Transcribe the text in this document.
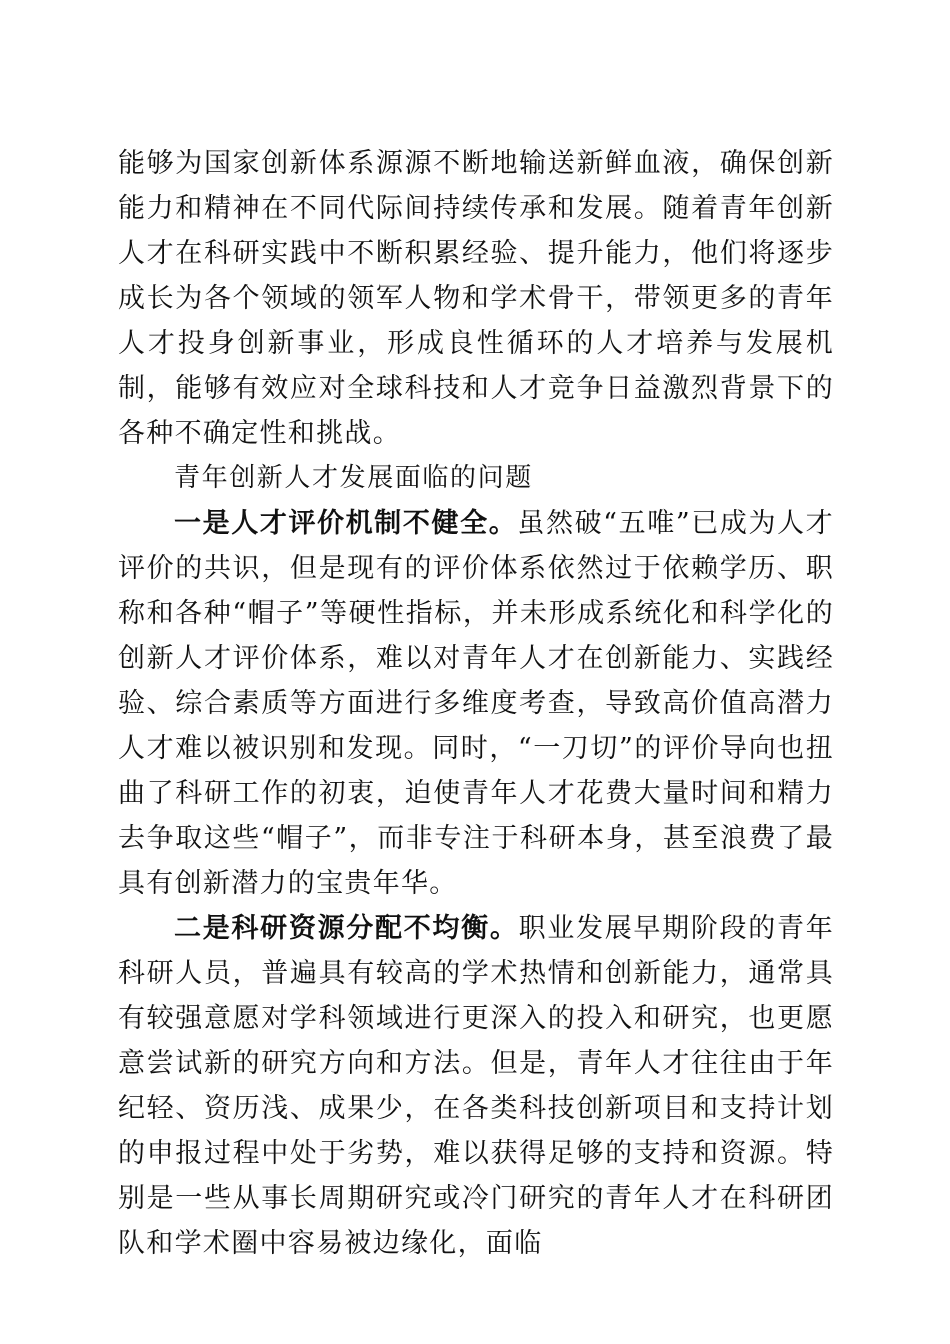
能够为国家创新体系源源不断地输送新鲜血液，确保创新能力和精神在不同代际间持续传承和发展。随着青年创新人才在科研实践中不断积累经验、提升能力，他们将逐步成长为各个领域的领军人物和学术骨干，带领更多的青年人才投身创新事业，形成良性循环的人才培养与发展机制，能够有效应对全球科技和人才竞争日益激烈背景下的各种不确定性和挑战。

青年创新人才发展面临的问题

一是人才评价机制不健全。虽然破“五唯”已成为人才评价的共识，但是现有的评价体系依然过于依赖学历、职称和各种“帽子”等硬性指标，并未形成系统化和科学化的创新人才评价体系，难以对青年人才在创新能力、实践经验、综合素质等方面进行多维度考查，导致高价值高潜力人才难以被识别和发现。同时，“一刀切”的评价导向也扭曲了科研工作的初衷，迫使青年人才花费大量时间和精力去争取这些“帽子”，而非专注于科研本身，甚至浪费了最具有创新潜力的宝贵年华。

二是科研资源分配不均衡。职业发展早期阶段的青年科研人员，普遍具有较高的学术热情和创新能力，通常具有较强意愿对学科领域进行更深入的投入和研究，也更愿意尝试新的研究方向和方法。但是，青年人才往往由于年纪轻、资历浅、成果少，在各类科技创新项目和支持计划的申报过程中处于劣势，难以获得足够的支持和资源。特别是一些从事长周期研究或冷门研究的青年人才在科研团队和学术圈中容易被边缘化，面临
